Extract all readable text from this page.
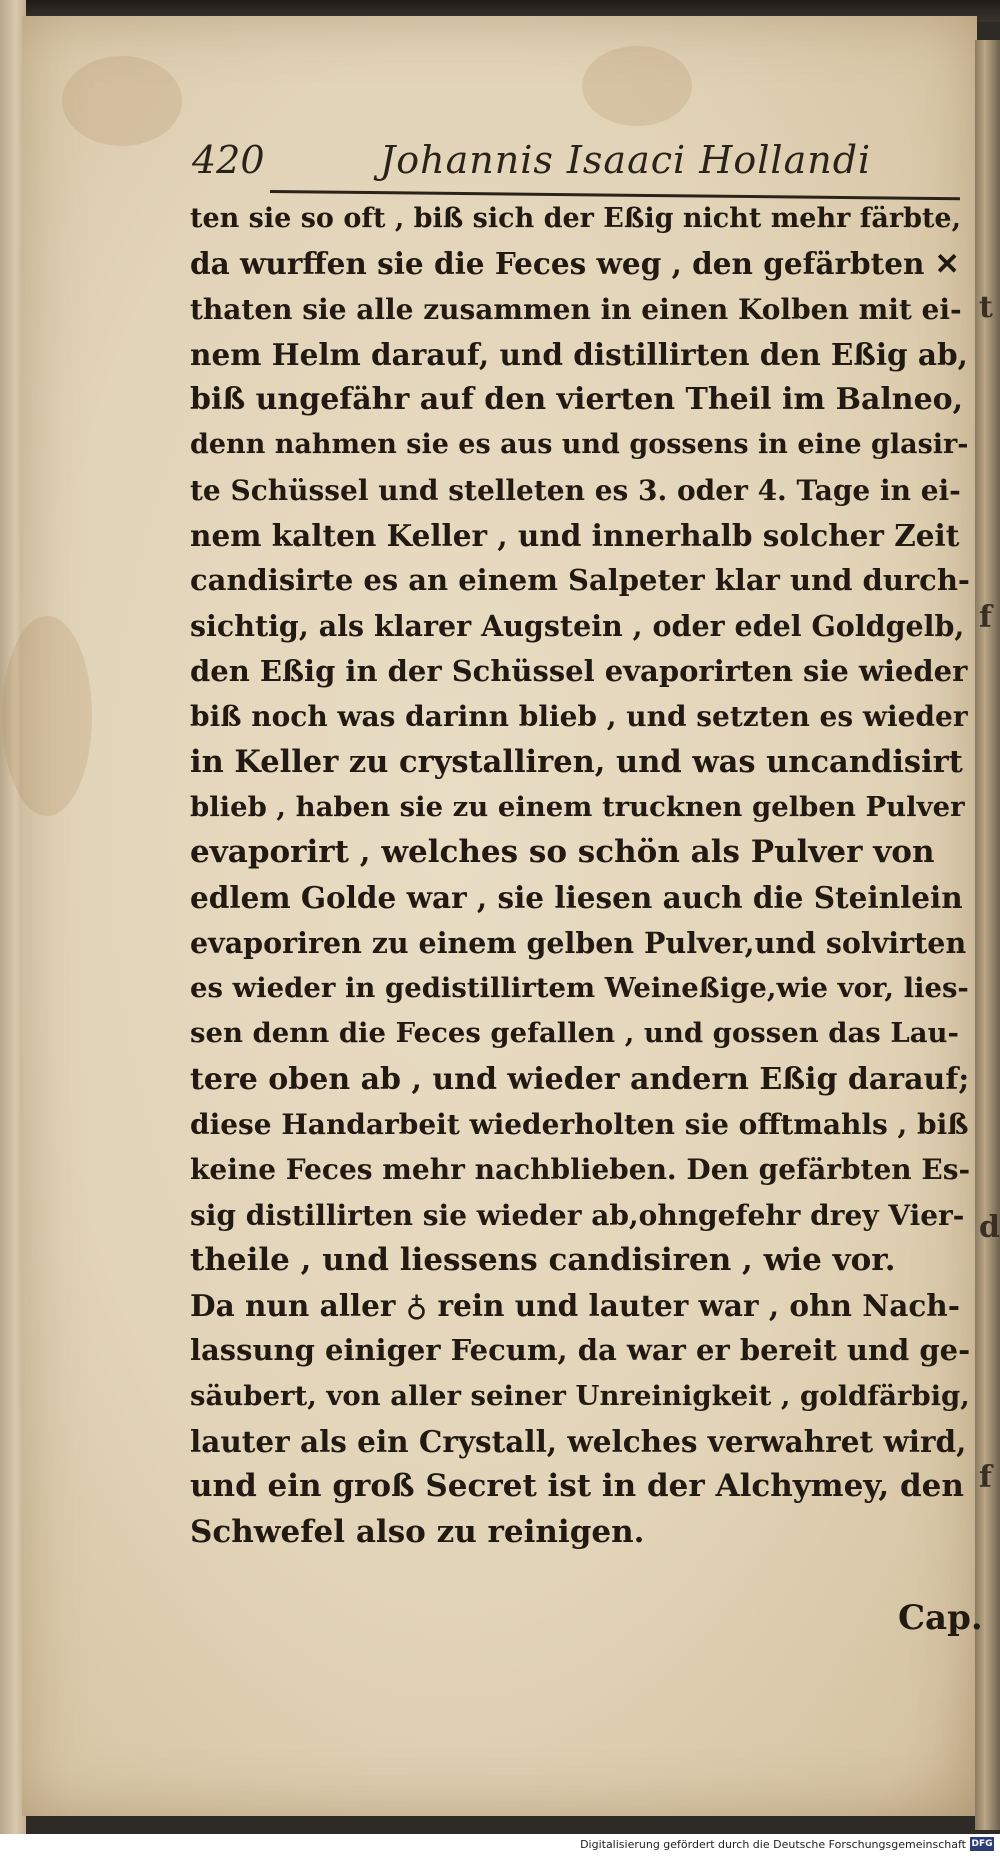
t
f
d
f
420	Johannis Isaaci Hollandi
ten sie so oft , biß sich der Eßig nicht mehr färbte,
da wurffen sie die Feces weg , den gefärbten ✕
thaten sie alle zusammen in einen Kolben mit ei-
nem Helm darauf, und distillirten den Eßig ab,
biß ungefähr auf den vierten Theil im Balneo,
denn nahmen sie es aus und gossens in eine glasir-
te Schüssel und stelleten es 3. oder 4. Tage in ei-
nem kalten Keller , und innerhalb solcher Zeit
candisirte es an einem Salpeter klar und durch-
sichtig, als klarer Augstein , oder edel Goldgelb,
den Eßig in der Schüssel evaporirten sie wieder
biß noch was darinn blieb , und setzten es wieder
in Keller zu crystalliren, und was uncandisirt
blieb , haben sie zu einem trucknen gelben Pulver
evaporirt , welches so schön als Pulver von
edlem Golde war , sie liesen auch die Steinlein
evaporiren zu einem gelben Pulver,und solvirten
es wieder in gedistillirtem Weineßige,wie vor, lies-
sen denn die Feces gefallen , und gossen das Lau-
tere oben ab , und wieder andern Eßig darauf;
diese Handarbeit wiederholten sie offtmahls , biß
keine Feces mehr nachblieben. Den gefärbten Es-
sig distillirten sie wieder ab,ohngefehr drey Vier-
theile , und liessens candisiren , wie vor.
Da nun aller ♁ rein und lauter war , ohn Nach-
lassung einiger Fecum, da war er bereit und ge-
säubert, von aller seiner Unreinigkeit , goldfärbig,
lauter als ein Crystall, welches verwahret wird,
und ein groß Secret ist in der Alchymey, den
Schwefel also zu reinigen.
Cap.
Digitalisierung gefördert durch die Deutsche Forschungsgemeinschaft DFG
